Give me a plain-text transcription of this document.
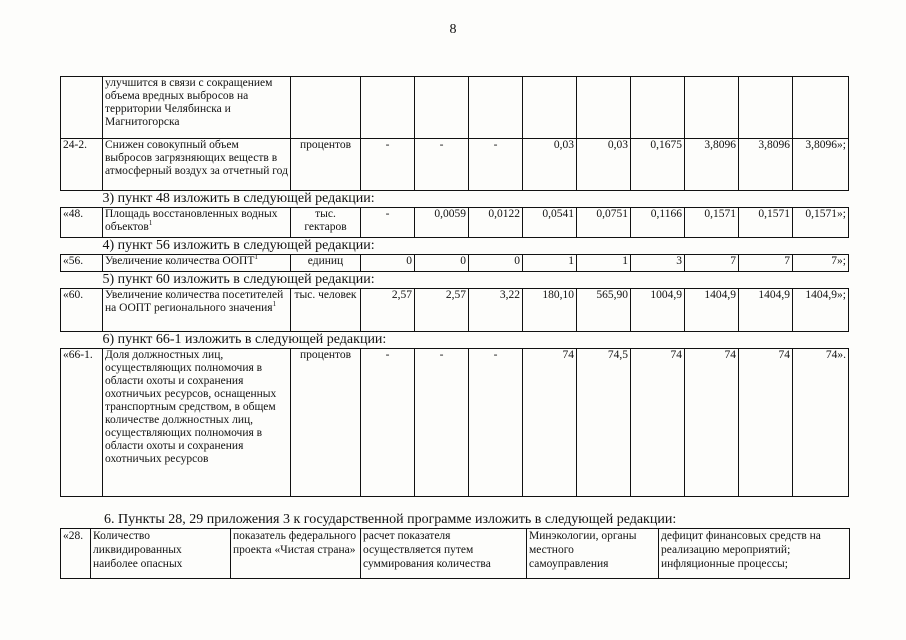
8
	улучшится в связи с сокращением объема вредных выбросов на территории Челябинска и Магнитогорска										
24-2.	Снижен совокупный объем выбросов загрязняющих веществ в атмосферный воздух за отчетный год	процентов	-	-	-	0,03	0,03	0,1675	3,8096	3,8096	3,8096»;
3) пункт 48 изложить в следующей редакции:											
«48.	Площадь восстановленных водных объектов$^1$	тыс. гектаров	-	0,0059	0,0122	0,0541	0,0751	0,1166	0,1571	0,1571	0,1571»;
4) пункт 56 изложить в следующей редакции:											
«56.	Увеличение количества ООПТ$^1$	единиц	0	0	0	1	1	3	7	7	7»;
5) пункт 60 изложить в следующей редакции:											
«60.	Увеличение количества посетителей на ООПТ регионального значения$^1$	тыс. человек	2,57	2,57	3,22	180,10	565,90	1004,9	1404,9	1404,9	1404,9»;
6) пункт 66-1 изложить в следующей редакции:											
«66-1.	Доля должностных лиц, осуществляющих полномочия в области охоты и сохранения охотничьих ресурсов, оснащенных транспортным средством, в общем количестве должностных лиц, осуществляющих полномочия в области охоты и сохранения охотничьих ресурсов	процентов	-	-	-	74	74,5	74	74	74	74».
6. Пункты 28, 29 приложения 3 к государственной программе изложить в следующей редакции:
«28.	Количество ликвидированных наиболее опасных	показатель федерального проекта «Чистая страна»	расчет показателя осуществляется путем суммирования количества	Минэкологии, органы местного самоуправления	дефицит финансовых средств на реализацию мероприятий; инфляционные процессы;
